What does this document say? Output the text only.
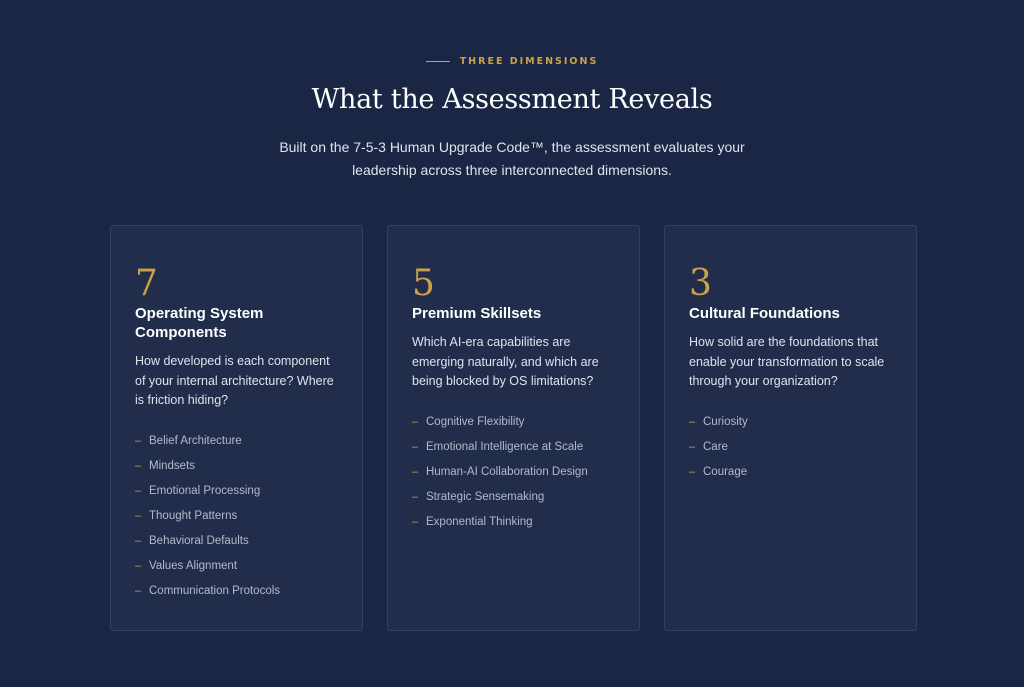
THREE DIMENSIONS
What the Assessment Reveals
Built on the 7-5-3 Human Upgrade Code™, the assessment evaluates your leadership across three interconnected dimensions.
7
Operating System Components
How developed is each component of your internal architecture? Where is friction hiding?
– Belief Architecture
– Mindsets
– Emotional Processing
– Thought Patterns
– Behavioral Defaults
– Values Alignment
– Communication Protocols
5
Premium Skillsets
Which AI-era capabilities are emerging naturally, and which are being blocked by OS limitations?
– Cognitive Flexibility
– Emotional Intelligence at Scale
– Human-AI Collaboration Design
– Strategic Sensemaking
– Exponential Thinking
3
Cultural Foundations
How solid are the foundations that enable your transformation to scale through your organization?
– Curiosity
– Care
– Courage
